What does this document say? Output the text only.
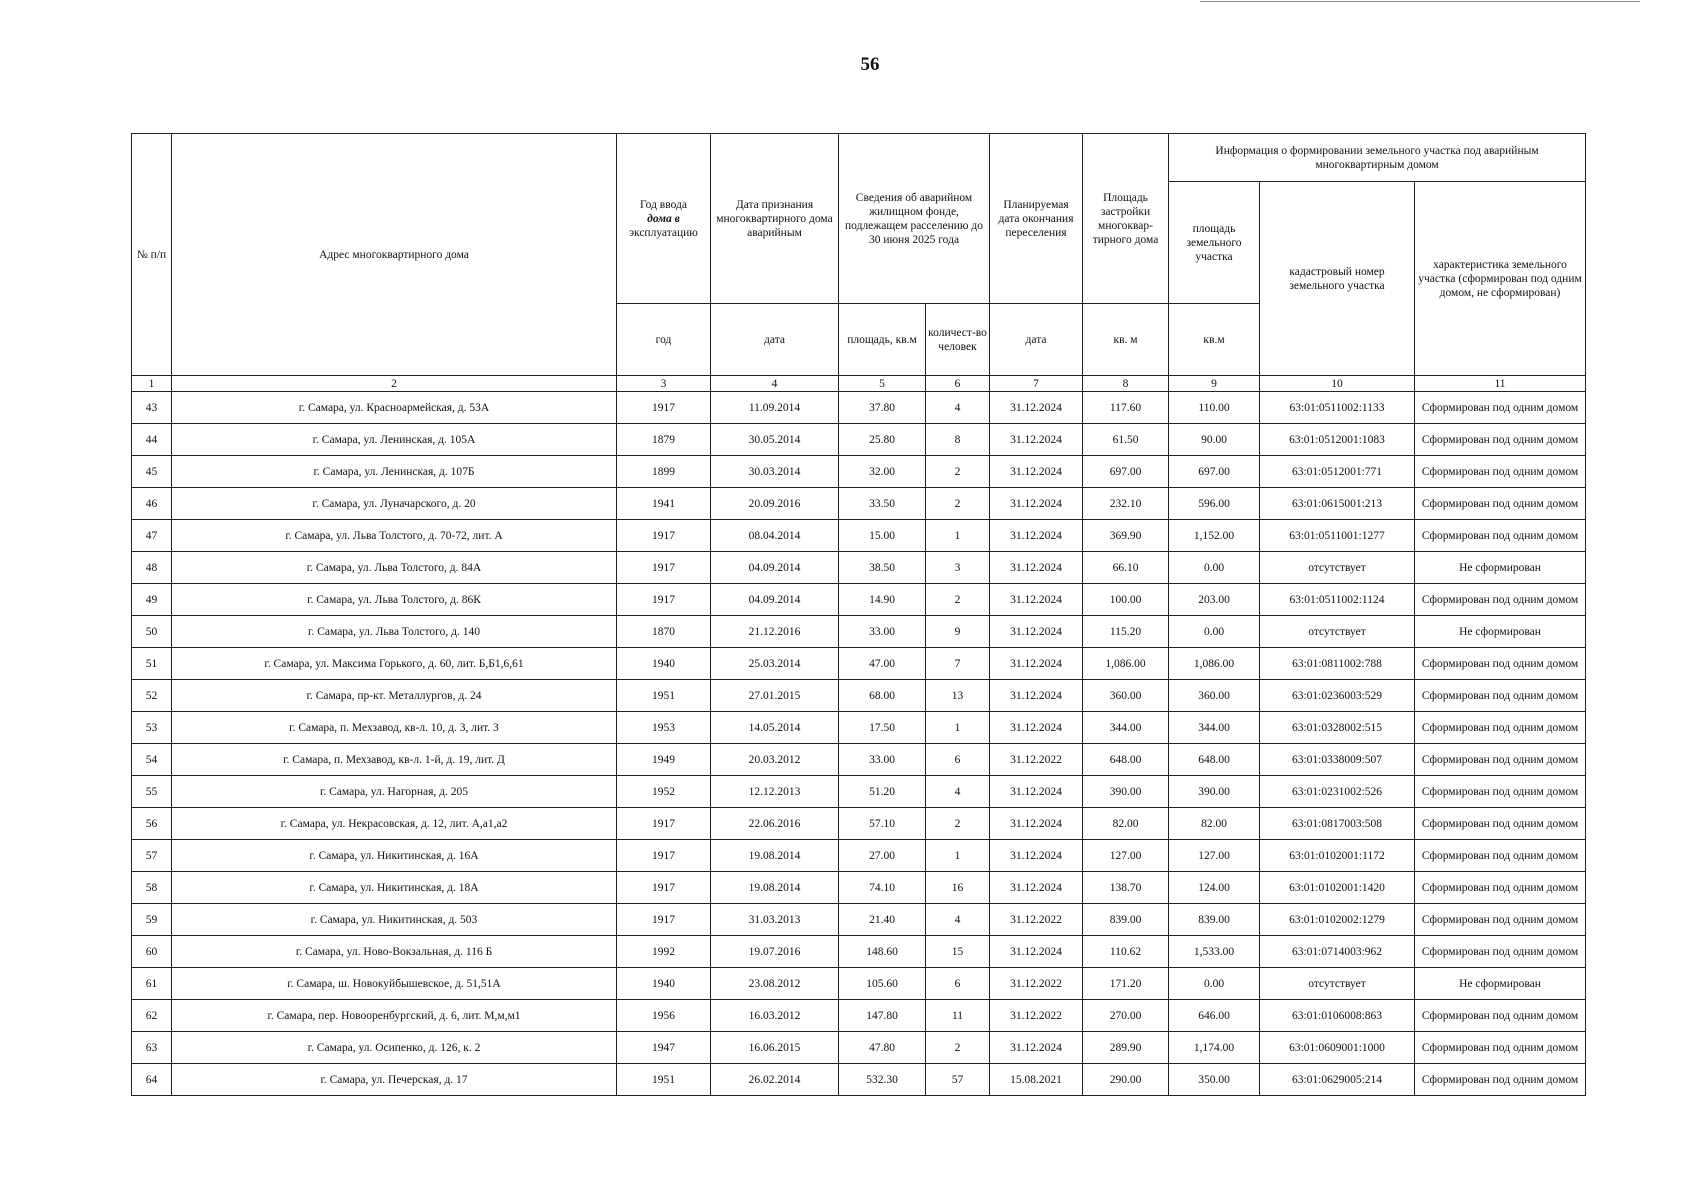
56
№ п/п	Адрес многоквартирного дома	Год ввода
дома в
эксплуатацию	Дата признания многоквартирного дома аварийным	Сведения об аварийном жилищном фонде, подлежащем расселению до 30 июня 2025 года		Планируемая дата окончания переселения	Площадь застройки многоквар-тирного дома	Информация о формировании земельного участка под аварийным многоквартирным домом		
								площадь земельного участка	кадастровый номер земельного участка	характеристика земельного участка (сформирован под одним домом, не сформирован)
		год	дата	площадь, кв.м	количест-во человек	дата	кв. м	кв.м		
1	2	3	4	5	6	7	8	9	10	11
43	г. Самара, ул. Красноармейская, д. 53А	1917	11.09.2014	37.80	4	31.12.2024	117.60	110.00	63:01:0511002:1133	Сформирован под одним домом
44	г. Самара, ул. Ленинская, д. 105А	1879	30.05.2014	25.80	8	31.12.2024	61.50	90.00	63:01:0512001:1083	Сформирован под одним домом
45	г. Самара, ул. Ленинская, д. 107Б	1899	30.03.2014	32.00	2	31.12.2024	697.00	697.00	63:01:0512001:771	Сформирован под одним домом
46	г. Самара, ул. Луначарского, д. 20	1941	20.09.2016	33.50	2	31.12.2024	232.10	596.00	63:01:0615001:213	Сформирован под одним домом
47	г. Самара, ул. Льва Толстого, д. 70-72, лит. А	1917	08.04.2014	15.00	1	31.12.2024	369.90	1,152.00	63:01:0511001:1277	Сформирован под одним домом
48	г. Самара, ул. Льва Толстого, д. 84А	1917	04.09.2014	38.50	3	31.12.2024	66.10	0.00	отсутствует	Не сформирован
49	г. Самара, ул. Льва Толстого, д. 86К	1917	04.09.2014	14.90	2	31.12.2024	100.00	203.00	63:01:0511002:1124	Сформирован под одним домом
50	г. Самара, ул. Льва Толстого, д. 140	1870	21.12.2016	33.00	9	31.12.2024	115.20	0.00	отсутствует	Не сформирован
51	г. Самара, ул. Максима Горького, д. 60, лит. Б,Б1,6,61	1940	25.03.2014	47.00	7	31.12.2024	1,086.00	1,086.00	63:01:0811002:788	Сформирован под одним домом
52	г. Самара, пр-кт. Металлургов, д. 24	1951	27.01.2015	68.00	13	31.12.2024	360.00	360.00	63:01:0236003:529	Сформирован под одним домом
53	г. Самара, п. Мехзавод, кв-л. 10, д. 3, лит. 3	1953	14.05.2014	17.50	1	31.12.2024	344.00	344.00	63:01:0328002:515	Сформирован под одним домом
54	г. Самара, п. Мехзавод, кв-л. 1-й, д. 19, лит. Д	1949	20.03.2012	33.00	6	31.12.2022	648.00	648.00	63:01:0338009:507	Сформирован под одним домом
55	г. Самара, ул. Нагорная, д. 205	1952	12.12.2013	51.20	4	31.12.2024	390.00	390.00	63:01:0231002:526	Сформирован под одним домом
56	г. Самара, ул. Некрасовская, д. 12, лит. А,а1,а2	1917	22.06.2016	57.10	2	31.12.2024	82.00	82.00	63:01:0817003:508	Сформирован под одним домом
57	г. Самара, ул. Никитинская, д. 16А	1917	19.08.2014	27.00	1	31.12.2024	127.00	127.00	63:01:0102001:1172	Сформирован под одним домом
58	г. Самара, ул. Никитинская, д. 18А	1917	19.08.2014	74.10	16	31.12.2024	138.70	124.00	63:01:0102001:1420	Сформирован под одним домом
59	г. Самара, ул. Никитинская, д. 503	1917	31.03.2013	21.40	4	31.12.2022	839.00	839.00	63:01:0102002:1279	Сформирован под одним домом
60	г. Самара, ул. Ново-Вокзальная, д. 116 Б	1992	19.07.2016	148.60	15	31.12.2024	110.62	1,533.00	63:01:0714003:962	Сформирован под одним домом
61	г. Самара, ш. Новокуйбышевское, д. 51,51А	1940	23.08.2012	105.60	6	31.12.2022	171.20	0.00	отсутствует	Не сформирован
62	г. Самара, пер. Новооренбургский, д. 6, лит. М,м,м1	1956	16.03.2012	147.80	11	31.12.2022	270.00	646.00	63:01:0106008:863	Сформирован под одним домом
63	г. Самара, ул. Осипенко, д. 126, к. 2	1947	16.06.2015	47.80	2	31.12.2024	289.90	1,174.00	63:01:0609001:1000	Сформирован под одним домом
64	г. Самара, ул. Печерская, д. 17	1951	26.02.2014	532.30	57	15.08.2021	290.00	350.00	63:01:0629005:214	Сформирован под одним домом
